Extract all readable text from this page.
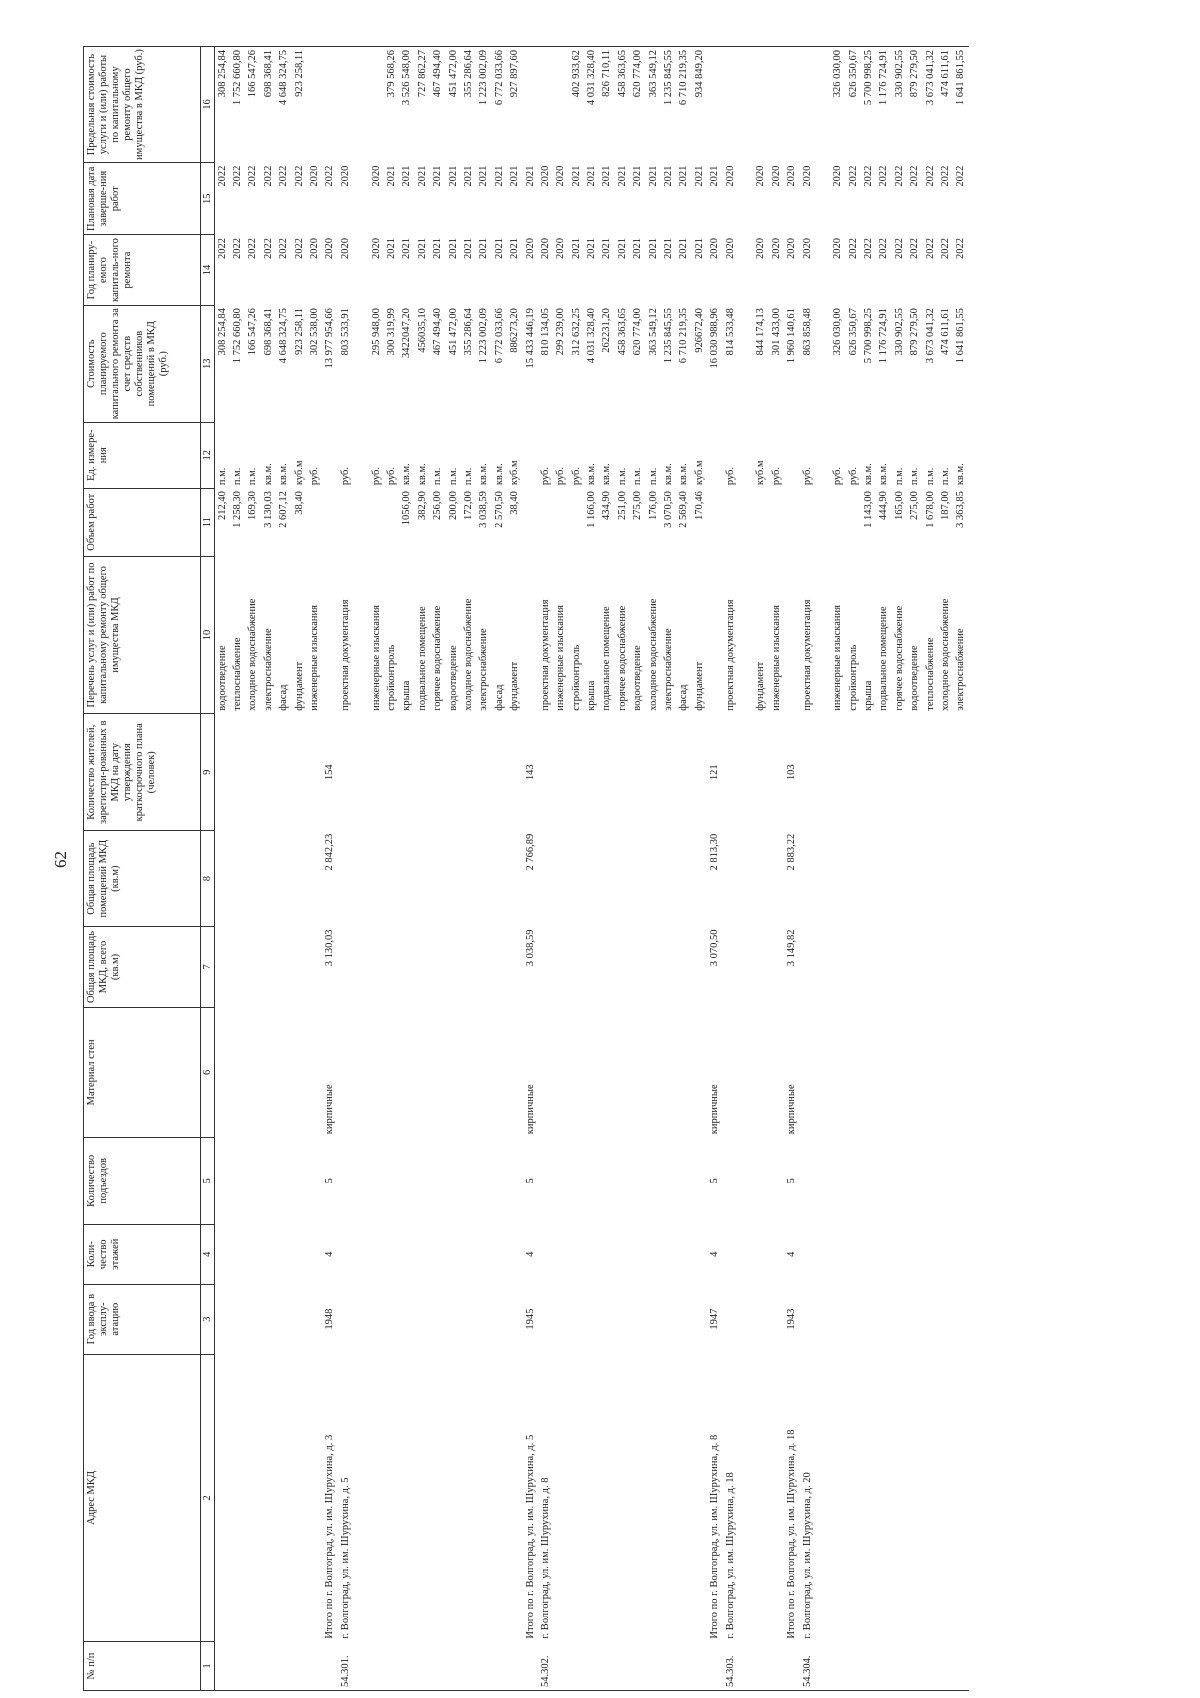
62
№ п/п	Адрес МКД	Год ввода в эксплу-атацию	Коли-чество этажей	Количество подъездов	Материал стен	Общая площадь МКД, всего (кв.м)	Общая площадь помещений МКД (кв.м)	Количество жителей, зарегистри-рованных в МКД на дату утверждения краткосрочного плана (человек)	Перечень услуг и (или) работ по капитальному ремонту общего имущества МКД	Объем работ	Ед. измере-ния	Стоимость планируемого капитального ремонта за счет средств собственников помещений в МКД (руб.)	Год планиру-емого капиталь-ного ремонта	Плановая дата заверше-ния работ	Предельная стоимость услуги и (или) работы по капитальному ремонту общего имущества в МКД (руб.)
1	2	3	4	5	6	7	8	9	10	11	12	13	14	15	16
									водоотведение	212,40	п.м.	308 254,84	2022	2022	308 254,84
									теплоснабжение	1 258,30	п.м.	1 752 660,80	2022	2022	1 752 660,80
									холодное водоснабжение	169,30	п.м.	166 547,26	2022	2022	166 547,26
									электроснабжение	3 130,03	кв.м.	698 368,41	2022	2022	698 368,41
									фасад	2 607,12	кв.м.	4 648 324,75	2022	2022	4 648 324,75
									фундамент	38,40	куб.м	923 258,11	2022	2022	923 258,11
									инженерные изыскания		руб.	302 538,00	2020	2020	
	Итого по г. Волгоград, ул. им. Шурухина, д. 3	1948	4	5	кирпичные	3 130,03	2 842,23	154				13 977 954,66	2020	2022	
54.301.	г. Волгоград, ул. им. Шурухина, д. 5								проектная документация		руб.	803 533,91	2020	2020	

									инженерные изыскания		руб.	295 948,00	2020	2020	
									стройконтроль		руб.	300 319,99	2021	2021	379 568,26
									крыша	1056,00	кв.м.	3422047,20	2021	2021	3 526 548,00
									подвальное помещение	382,90	кв.м.	456035,10	2021	2021	727 862,27
									горячее водоснабжение	256,00	п.м.	467 494,40	2021	2021	467 494,40
									водоотведение	200,00	п.м.	451 472,00	2021	2021	451 472,00
									холодное водоснабжение	172,00	п.м.	355 286,64	2021	2021	355 286,64
									электроснабжение	3 038,59	кв.м.	1 223 002,09	2021	2021	1 223 002,09
									фасад	2 570,50	кв.м.	6 772 033,66	2021	2021	6 772 033,66
									фундамент	38,40	куб.м	886273,20	2021	2021	927 897,60
	Итого по г. Волгоград, ул. им. Шурухина, д. 5	1945	4	5	кирпичные	3 038,59	2 766,89	143				15 433 446,19	2020	2021	
54.302.	г. Волгоград, ул. им. Шурухина, д. 8								проектная документация		руб.	810 134,05	2020	2020	
									инженерные изыскания		руб.	299 239,00	2020	2020	
									стройконтроль		руб.	312 632,25	2021	2021	402 933,62
									крыша	1 166,00	кв.м.	4 031 328,40	2021	2021	4 031 328,40
									подвальное помещение	434,90	кв.м.	262231,20	2021	2021	826 710,11
									горячее водоснабжение	251,00	п.м.	458 363,65	2021	2021	458 363,65
									водоотведение	275,00	п.м.	620 774,00	2021	2021	620 774,00
									холодное водоснабжение	176,00	п.м.	363 549,12	2021	2021	363 549,12
									электроснабжение	3 070,50	кв.м.	1 235 845,55	2021	2021	1 235 845,55
									фасад	2 569,40	кв.м.	6 710 219,35	2021	2021	6 710 219,35
									фундамент	170,46	куб.м	926672,40	2021	2021	934 849,20
	Итого по г. Волгоград, ул. им. Шурухина, д. 8	1947	4	5	кирпичные	3 070,50	2 813,30	121				16 030 988,96	2020	2021	
54.303.	г. Волгоград, ул. им. Шурухина, д. 18								проектная документация		руб.	814 533,48	2020	2020	

									фундамент		куб.м	844 174,13	2020	2020	
									инженерные изыскания		руб.	301 433,00	2020	2020	
	Итого по г. Волгоград, ул. им. Шурухина, д. 18	1943	4	5	кирпичные	3 149,82	2 883,22	103				1 960 140,61	2020	2020	
54.304.	г. Волгоград, ул. им. Шурухина, д. 20								проектная документация		руб.	863 858,48	2020	2020	

									инженерные изыскания		руб.	326 030,00	2020	2020	326 030,00
									стройконтроль		руб.	626 350,67	2022	2022	626 350,67
									крыша	1 143,00	кв.м.	5 700 998,25	2022	2022	5 700 998,25
									подвальное помещение	444,90	кв.м.	1 176 724,91	2022	2022	1 176 724,91
									горячее водоснабжение	165,00	п.м.	330 902,55	2022	2022	330 902,55
									водоотведение	275,00	п.м.	879 279,50	2022	2022	879 279,50
									теплоснабжение	1 678,00	п.м.	3 673 041,32	2022	2022	3 673 041,32
									холодное водоснабжение	187,00	п.м.	474 611,61	2022	2022	474 611,61
									электроснабжение	3 363,85	кв.м.	1 641 861,55	2022	2022	1 641 861,55
